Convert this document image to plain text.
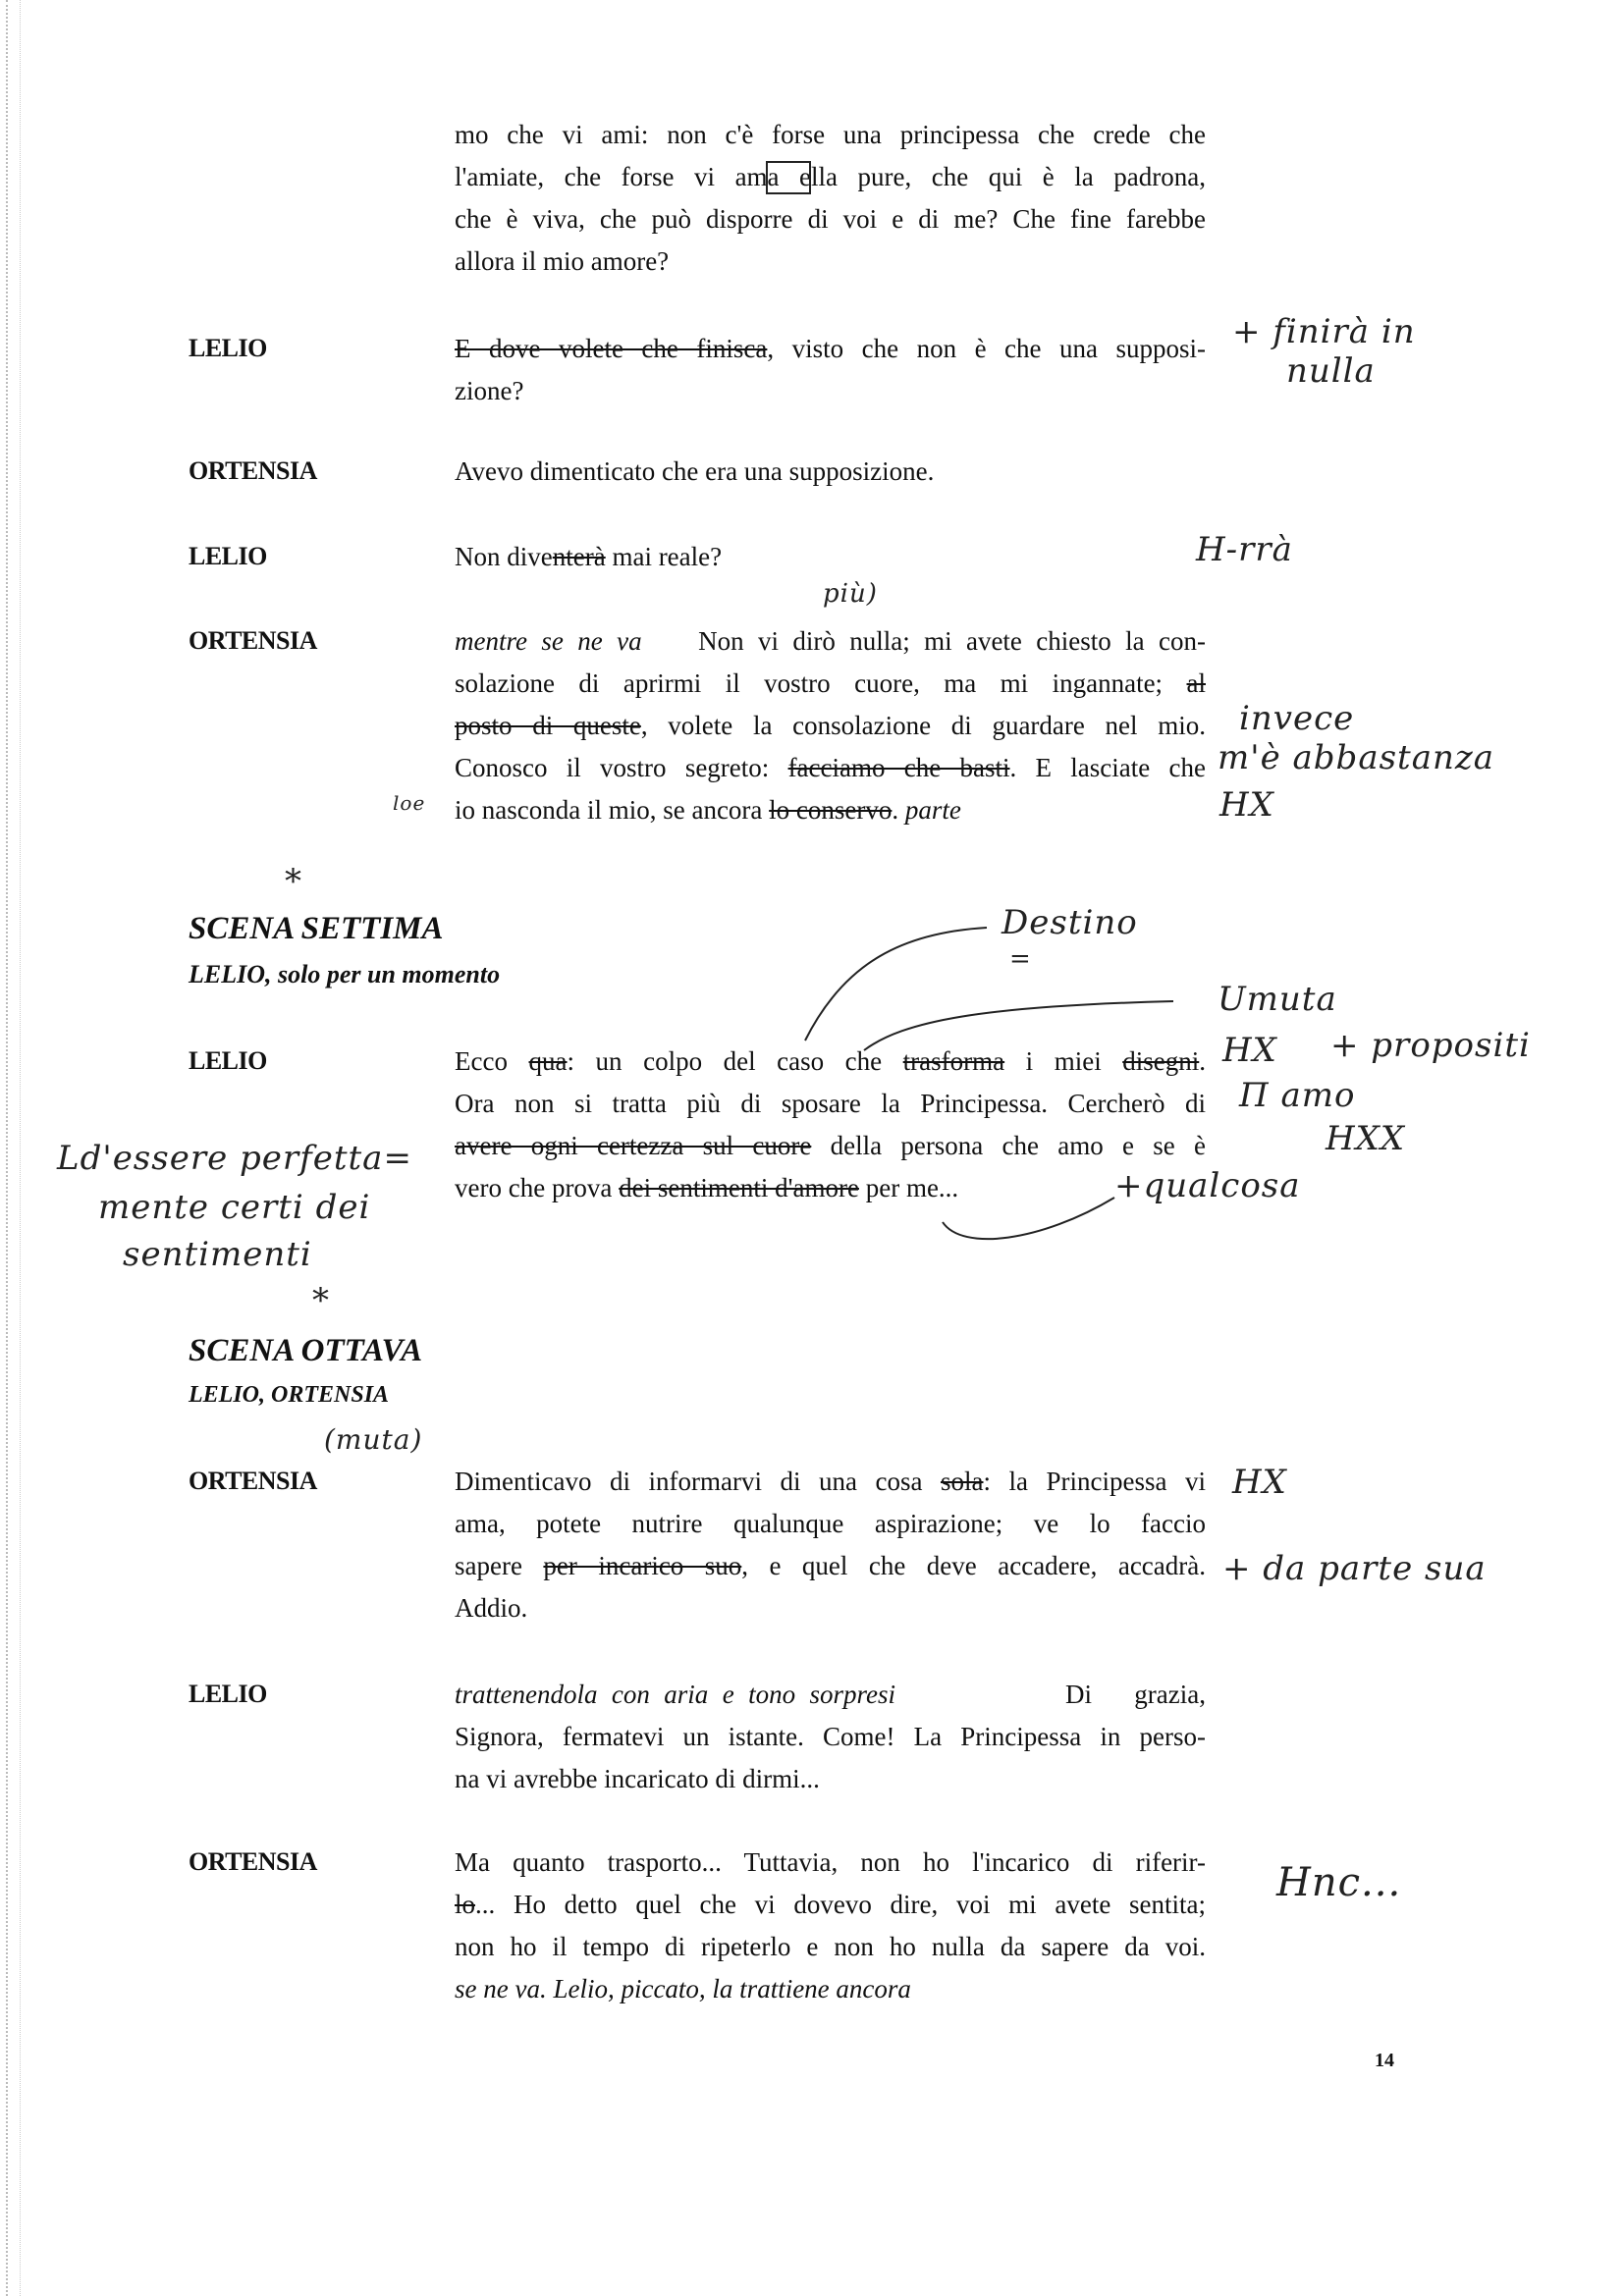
mo che vi ami: non c'è forse una principessa che crede che
l'amiate, che forse vi ama ella pure, che qui è la padrona,
che è viva, che può disporre di voi e di me? Che fine farebbe
allora il mio amore?
LELIO	E dove volete che finisca, visto che non è che una supposi-
zione?
ORTENSIA	Avevo dimenticato che era una supposizione.
LELIO	Non diventerà mai reale?
ORTENSIA	mentre se ne va    Non vi dirò nulla; mi avete chiesto la con-
solazione di aprirmi il vostro cuore, ma mi ingannate; al
posto di queste, volete la consolazione di guardare nel mio.
Conosco il vostro segreto: facciamo che basti. E lasciate che
io nasconda il mio, se ancora lo conservo. parte
LELIO	Ecco qua: un colpo del caso che trasforma i miei disegni.
Ora non si tratta più di sposare la Principessa. Cercherò di
avere ogni certezza sul cuore della persona che amo e se è
vero che prova dei sentimenti d'amore per me...
ORTENSIA	Dimenticavo di informarvi di una cosa sola: la Principessa vi
ama, potete nutrire qualunque aspirazione; ve lo faccio
sapere per incarico suo, e quel che deve accadere, accadrà.
Addio.
LELIO	trattenendola con aria e tono sorpresi            Di   grazia,
Signora, fermatevi un istante. Come! La Principessa in perso-
na vi avrebbe incaricato di dirmi...
ORTENSIA	Ma quanto trasporto... Tuttavia, non ho l'incarico di riferir-
lo... Ho detto quel che vi dovevo dire, voi mi avete sentita;
non ho il tempo di ripeterlo e non ho nulla da sapere da voi.
se ne va. Lelio, piccato, la trattiene ancora
SCENA SETTIMA
LELIO, solo per un momento
SCENA OTTAVA
LELIO, ORTENSIA
+ finirà in
nulla
H-rrà
più)
invece
m'è abbastanza
HX
loe
*
Destino
=
Umuta
HX + propositi
Π amo
HXX
+qualcosa
Ld'essere perfetta=
mente certi dei
sentimenti
*
(muta)
HX
+ da parte sua
Hnc...
14
